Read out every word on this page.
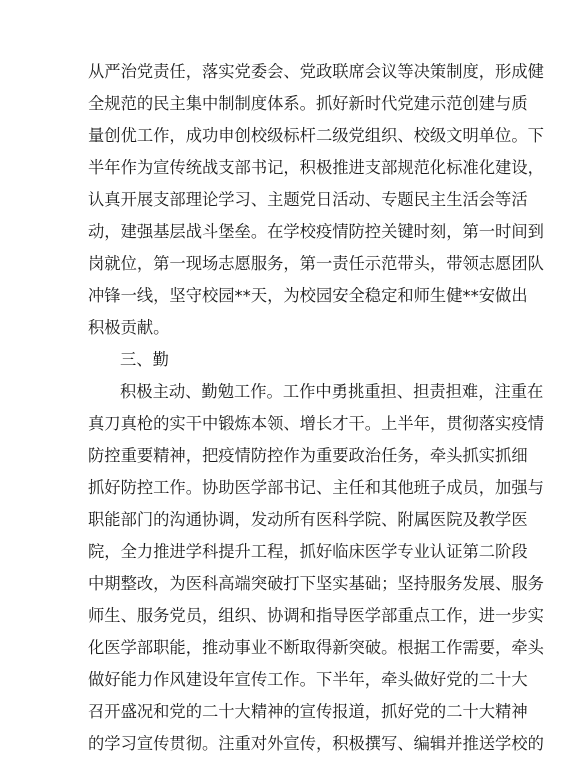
从严治党责任，落实党委会、党政联席会议等决策制度，形成健
全规范的民主集中制制度体系。抓好新时代党建示范创建与质
量创优工作，成功申创校级标杆二级党组织、校级文明单位。下
半年作为宣传统战支部书记，积极推进支部规范化标准化建设，
认真开展支部理论学习、主题党日活动、专题民主生活会等活
动，建强基层战斗堡垒。在学校疫情防控关键时刻，第一时间到
岗就位，第一现场志愿服务，第一责任示范带头，带领志愿团队
冲锋一线，坚守校园**天，为校园安全稳定和师生健**安做出
积极贡献。
三、勤
积极主动、勤勉工作。工作中勇挑重担、担责担难，注重在
真刀真枪的实干中锻炼本领、增长才干。上半年，贯彻落实疫情
防控重要精神，把疫情防控作为重要政治任务，牵头抓实抓细
抓好防控工作。协助医学部书记、主任和其他班子成员，加强与
职能部门的沟通协调，发动所有医科学院、附属医院及教学医
院，全力推进学科提升工程，抓好临床医学专业认证第二阶段
中期整改，为医科高端突破打下坚实基础；坚持服务发展、服务
师生、服务党员，组织、协调和指导医学部重点工作，进一步实
化医学部职能，推动事业不断取得新突破。根据工作需要，牵头
做好能力作风建设年宣传工作。下半年，牵头做好党的二十大
召开盛况和党的二十大精神的宣传报道，抓好党的二十大精神
的学习宣传贯彻。注重对外宣传，积极撰写、编辑并推送学校的
